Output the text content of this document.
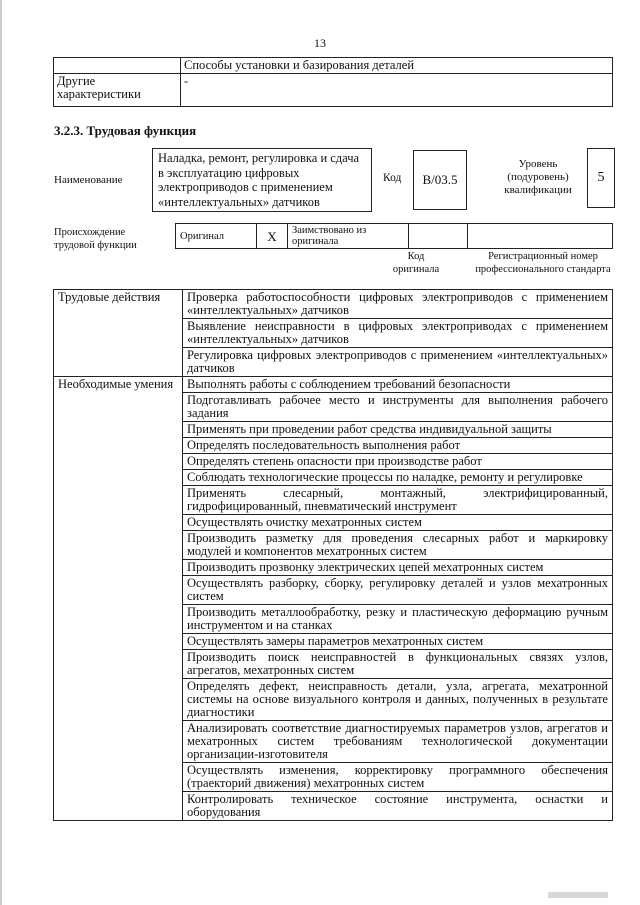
13
	Способы установки и базирования деталей
Другие характеристики	-
3.2.3. Трудовая функция
Наименование
Наладка, ремонт, регулировка и сдача в эксплуатацию цифровых электроприводов с применением «интеллектуальных» датчиков
Код	B/03.5
Уровень (подуровень) квалификации
5
Происхождение трудовой функции
Оригинал	X	Заимствовано из оригинала		
Код оригинала
Регистрационный номер профессионального стандарта
Трудовые действия	Проверка работоспособности цифровых электроприводов с применением «интеллектуальных» датчиков
	Выявление неисправности в цифровых электроприводах с применением «интеллектуальных» датчиков
	Регулировка цифровых электроприводов с применением «интеллектуальных» датчиков
Необходимые умения	Выполнять работы с соблюдением требований безопасности
	Подготавливать рабочее место и инструменты для выполнения рабочего задания
	Применять при проведении работ средства индивидуальной защиты
	Определять последовательность выполнения работ
	Определять степень опасности при производстве работ
	Соблюдать технологические процессы по наладке, ремонту и регулировке
	Применять слесарный, монтажный, электрифицированный, гидрофицированный, пневматический инструмент
	Осуществлять очистку мехатронных систем
	Производить разметку для проведения слесарных работ и маркировку модулей и компонентов мехатронных систем
	Производить прозвонку электрических цепей мехатронных систем
	Осуществлять разборку, сборку, регулировку деталей и узлов мехатронных систем
	Производить металлообработку, резку и пластическую деформацию ручным инструментом и на станках
	Осуществлять замеры параметров мехатронных систем
	Производить поиск неисправностей в функциональных связях узлов, агрегатов, мехатронных систем
	Определять дефект, неисправность детали, узла, агрегата, мехатронной системы на основе визуального контроля и данных, полученных в результате диагностики
	Анализировать соответствие диагностируемых параметров узлов, агрегатов и мехатронных систем требованиям технологической документации организации-изготовителя
	Осуществлять изменения, корректировку программного обеспечения (траекторий движения) мехатронных систем
	Контролировать техническое состояние инструмента, оснастки и оборудования
